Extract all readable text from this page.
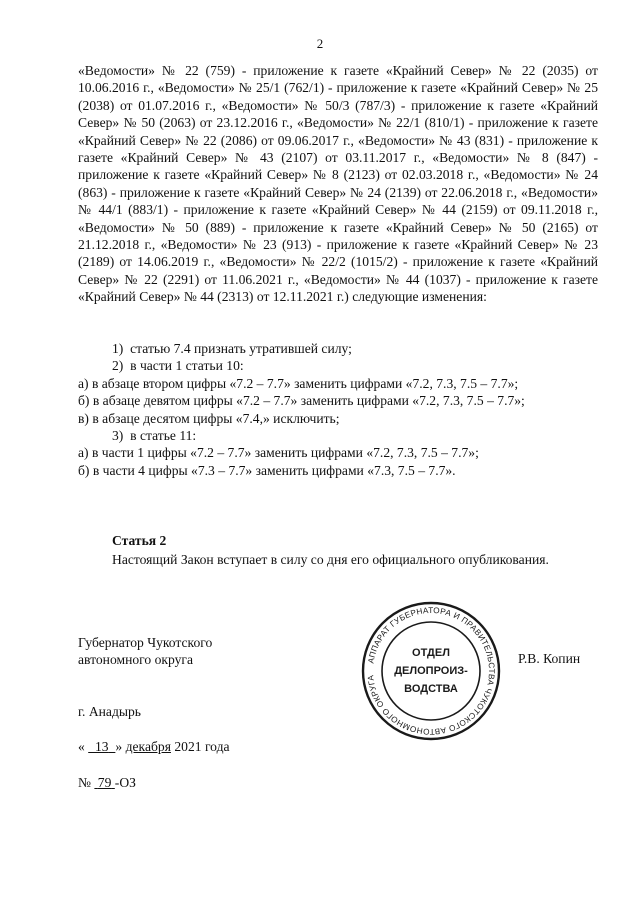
2

«Ведомости» № 22 (759) - приложение к газете «Крайний Север» № 22 (2035) от 10.06.2016 г., «Ведомости» № 25/1 (762/1) - приложение к газете «Крайний Север» № 25 (2038) от 01.07.2016 г., «Ведомости» № 50/3 (787/3) - приложение к газете «Крайний Север» № 50 (2063) от 23.12.2016 г., «Ведомости» № 22/1 (810/1) - приложение к газете «Крайний Север» № 22 (2086) от 09.06.2017 г., «Ведомости» № 43 (831) - приложение к газете «Крайний Север» № 43 (2107) от 03.11.2017 г., «Ведомости» № 8 (847) - приложение к газете «Крайний Север» № 8 (2123) от 02.03.2018 г., «Ведомости» № 24 (863) - приложение к газете «Крайний Север» № 24 (2139) от 22.06.2018 г., «Ведомости» № 44/1 (883/1) - приложение к газете «Крайний Север» № 44 (2159) от 09.11.2018 г., «Ведомости» № 50 (889) - приложение к газете «Крайний Север» № 50 (2165) от 21.12.2018 г., «Ведомости» № 23 (913) - приложение к газете «Крайний Север» № 23 (2189) от 14.06.2019 г., «Ведомости» № 22/2 (1015/2) - приложение к газете «Крайний Север» № 22 (2291) от 11.06.2021 г., «Ведомости» № 44 (1037) - приложение к газете «Крайний Север» № 44 (2313) от 12.11.2021 г.) следующие изменения:

1)  статью 7.4 признать утратившей силу;

2)  в части 1 статьи 10:

а) в абзаце втором цифры «7.2 – 7.7» заменить цифрами «7.2, 7.3, 7.5 – 7.7»;

б) в абзаце девятом цифры «7.2 – 7.7» заменить цифрами «7.2, 7.3, 7.5 – 7.7»;

в) в абзаце десятом цифры «7.4,» исключить;

3)  в статье 11:

а) в части 1 цифры «7.2 – 7.7» заменить цифрами «7.2, 7.3, 7.5 – 7.7»;

б) в части 4 цифры «7.3 – 7.7» заменить цифрами «7.3, 7.5 – 7.7».

Статья 2

Настоящий Закон вступает в силу со дня его официального опубликования.

Губернатор Чукотского
автономного округа	АППАРАТ ГУБЕРНАТОРА И ПРАВИТЕЛЬСТВА ЧУКОТСКОГО АВТОНОМНОГО ОКРУГА
ОТДЕЛ
ДЕЛОПРОИЗ-
ВОДСТВА
Р.В. Копин
г. Анадырь
« 13 » декабря 2021 года
№ 79 -ОЗ
